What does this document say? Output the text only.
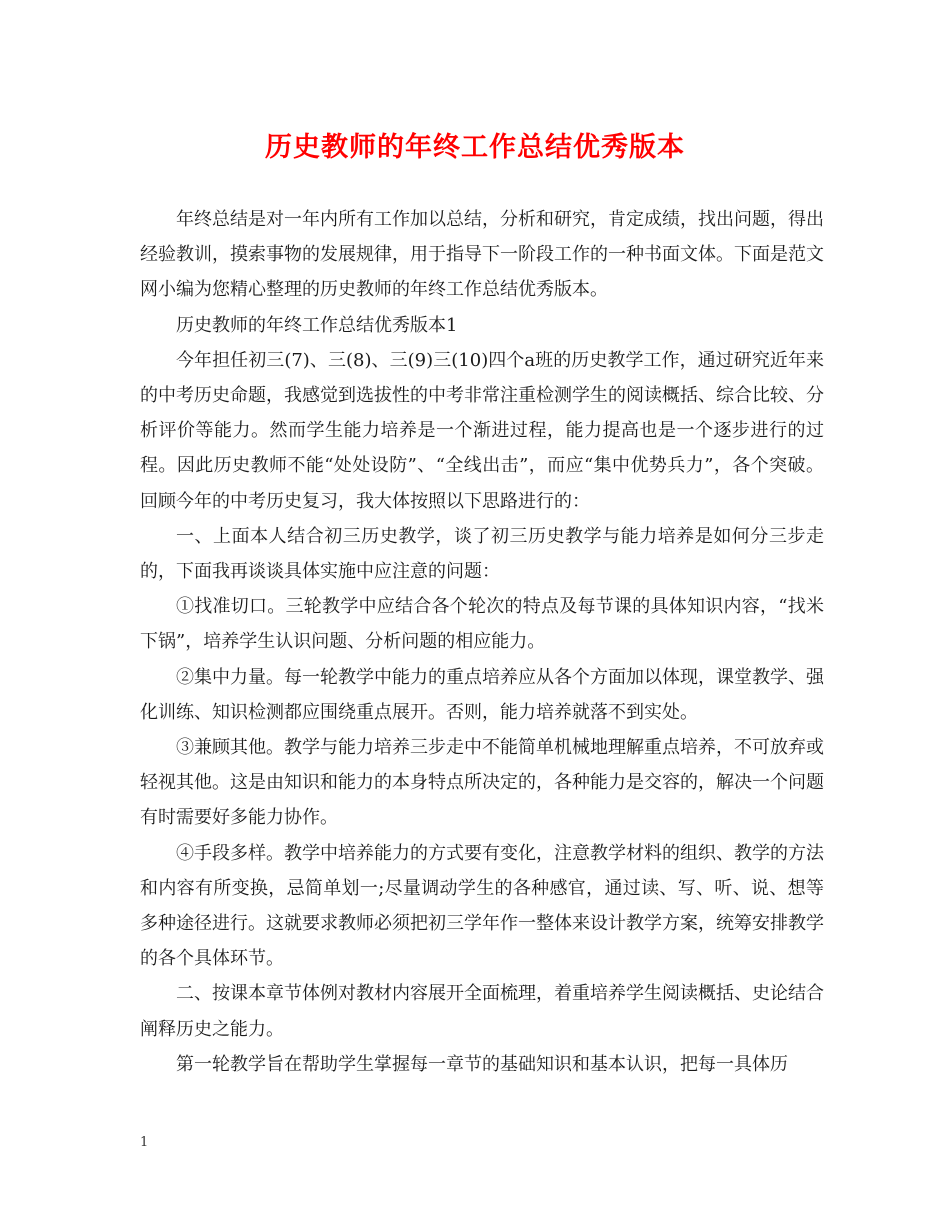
历史教师的年终工作总结优秀版本

年终总结是对一年内所有工作加以总结，分析和研究，肯定成绩，找出问题，得出经验教训，摸索事物的发展规律，用于指导下一阶段工作的一种书面文体。下面是范文网小编为您精心整理的历史教师的年终工作总结优秀版本。

历史教师的年终工作总结优秀版本1

今年担任初三(7)、三(8)、三(9)三(10)四个a班的历史教学工作，通过研究近年来的中考历史命题，我感觉到选拔性的中考非常注重检测学生的阅读概括、综合比较、分析评价等能力。然而学生能力培养是一个渐进过程，能力提高也是一个逐步进行的过程。因此历史教师不能“处处设防”、“全线出击”，而应“集中优势兵力”，各个突破。回顾今年的中考历史复习，我大体按照以下思路进行的：

一、上面本人结合初三历史教学，谈了初三历史教学与能力培养是如何分三步走的，下面我再谈谈具体实施中应注意的问题：

①找准切口。三轮教学中应结合各个轮次的特点及每节课的具体知识内容，“找米下锅”，培养学生认识问题、分析问题的相应能力。

②集中力量。每一轮教学中能力的重点培养应从各个方面加以体现，课堂教学、强化训练、知识检测都应围绕重点展开。否则，能力培养就落不到实处。

③兼顾其他。教学与能力培养三步走中不能简单机械地理解重点培养，不可放弃或轻视其他。这是由知识和能力的本身特点所决定的，各种能力是交容的，解决一个问题有时需要好多能力协作。

④手段多样。教学中培养能力的方式要有变化，注意教学材料的组织、教学的方法和内容有所变换，忌简单划一;尽量调动学生的各种感官，通过读、写、听、说、想等多种途径进行。这就要求教师必须把初三学年作一整体来设计教学方案，统筹安排教学的各个具体环节。

二、按课本章节体例对教材内容展开全面梳理，着重培养学生阅读概括、史论结合阐释历史之能力。

第一轮教学旨在帮助学生掌握每一章节的基础知识和基本认识，把每一具体历

1
